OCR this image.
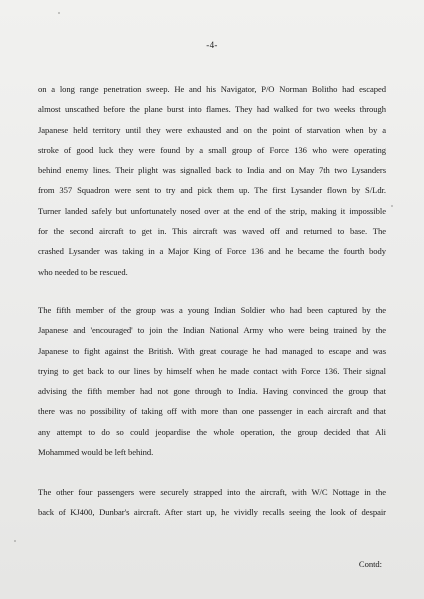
-4-

on a long range penetration sweep. He and his Navigator, P/O Norman Bolitho had escaped
almost unscathed before the plane burst into flames. They had walked for two weeks through
Japanese held territory until they were exhausted and on the point of starvation when by a
stroke of good luck they were found by a small group of Force 136 who were operating
behind enemy lines. Their plight was signalled back to India and on May 7th two Lysanders
from 357 Squadron were sent to try and pick them up. The first Lysander flown by S/Ldr.
Turner landed safely but unfortunately nosed over at the end of the strip, making it impossible
for the second aircraft to get in. This aircraft was waved off and returned to base. The
crashed Lysander was taking in a Major King of Force 136 and he became the fourth body
who needed to be rescued.

The fifth member of the group was a young Indian Soldier who had been captured by the
Japanese and 'encouraged' to join the Indian National Army who were being trained by the
Japanese to fight against the British. With great courage he had managed to escape and was
trying to get back to our lines by himself when he made contact with Force 136. Their signal
advising the fifth member had not gone through to India. Having convinced the group that
there was no possibility of taking off with more than one passenger in each aircraft and that
any attempt to do so could jeopardise the whole operation, the group decided that Ali
Mohammed would be left behind.

The other four passengers were securely strapped into the aircraft, with W/C Nottage in the
back of KJ400, Dunbar's aircraft. After start up, he vividly recalls seeing the look of despair

Contd:
